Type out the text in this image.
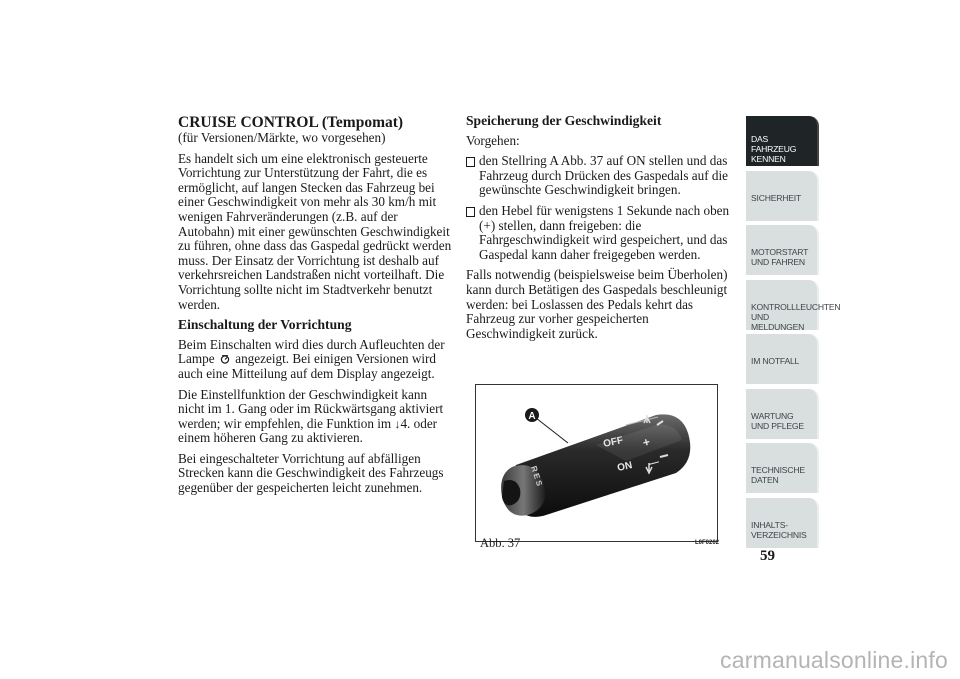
CRUISE CONTROL (Tempomat)
(für Versionen/Märkte, wo vorgesehen)

Es handelt sich um eine elektronisch gesteuerte Vorrichtung zur Unterstützung der Fahrt, die es ermöglicht, auf langen Stecken das Fahrzeug bei einer Geschwindigkeit von mehr als 30 km/h mit wenigen Fahrveränderungen (z.B. auf der Autobahn) mit einer gewünschten Geschwindigkeit zu führen, ohne dass das Gaspedal gedrückt werden muss. Der Einsatz der Vorrichtung ist deshalb auf verkehrsreichen Landstraßen nicht vorteilhaft. Die Vorrichtung sollte nicht im Stadtverkehr benutzt werden.

Einschaltung der Vorrichtung

Beim Einschalten wird dies durch Aufleuchten der Lampe angezeigt. Bei einigen Versionen wird auch eine Mitteilung auf dem Display angezeigt.

Die Einstellfunktion der Geschwindigkeit kann nicht im 1. Gang oder im Rückwärtsgang aktiviert werden; wir empfehlen, die Funktion im ↓4. oder einem höheren Gang zu aktivieren.

Bei eingeschalteter Vorrichtung auf abfälligen Strecken kann die Geschwindigkeit des Fahrzeugs gegenüber der gespeicherten leicht zunehmen.

Speicherung der Geschwindigkeit

Vorgehen:

den Stellring A Abb. 37 auf ON stellen und das Fahrzeug durch Drücken des Gaspedals auf die gewünschte Geschwindigkeit bringen.
den Hebel für wenigstens 1 Sekunde nach oben (+) stellen, dann freigeben: die Fahrgeschwindigkeit wird gespeichert, und das Gaspedal kann daher freigegeben werden.

Falls notwendig (beispielsweise beim Überholen) kann durch Betätigen des Gaspedals beschleunigt werden: bei Loslassen des Pedals kehrt das Fahrzeug zur vorher gespeicherten Geschwindigkeit zurück.

OFF
ON
+
—
RES
A
Abb. 37	L0F0202
DAS FAHRZEUG KENNEN
SICHERHEIT
MOTORSTART UND FAHREN
KONTROLLLEUCHTEN UND MELDUNGEN
IM NOTFALL
WARTUNG UND PFLEGE
TECHNISCHE DATEN
INHALTS- VERZEICHNIS
59
carmanualsonline.info
